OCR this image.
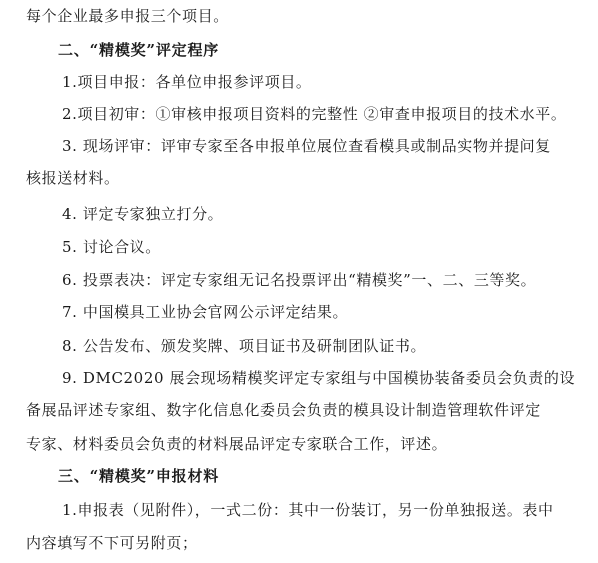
每个企业最多申报三个项目。
二、“精模奖”评定程序
1.项目申报：各单位申报参评项目。
2.项目初审：①审核申报项目资料的完整性 ②审查申报项目的技术水平。
3. 现场评审：评审专家至各申报单位展位查看模具或制品实物并提问复
核报送材料。
4. 评定专家独立打分。
5. 讨论合议。
6. 投票表决：评定专家组无记名投票评出“精模奖”一、二、三等奖。
7. 中国模具工业协会官网公示评定结果。
8. 公告发布、颁发奖牌、项目证书及研制团队证书。
9. DMC2020 展会现场精模奖评定专家组与中国模协装备委员会负责的设
备展品评述专家组、数字化信息化委员会负责的模具设计制造管理软件评定
专家、材料委员会负责的材料展品评定专家联合工作，评述。
三、“精模奖”申报材料
1.申报表（见附件），一式二份：其中一份装订，另一份单独报送。表中
内容填写不下可另附页；
